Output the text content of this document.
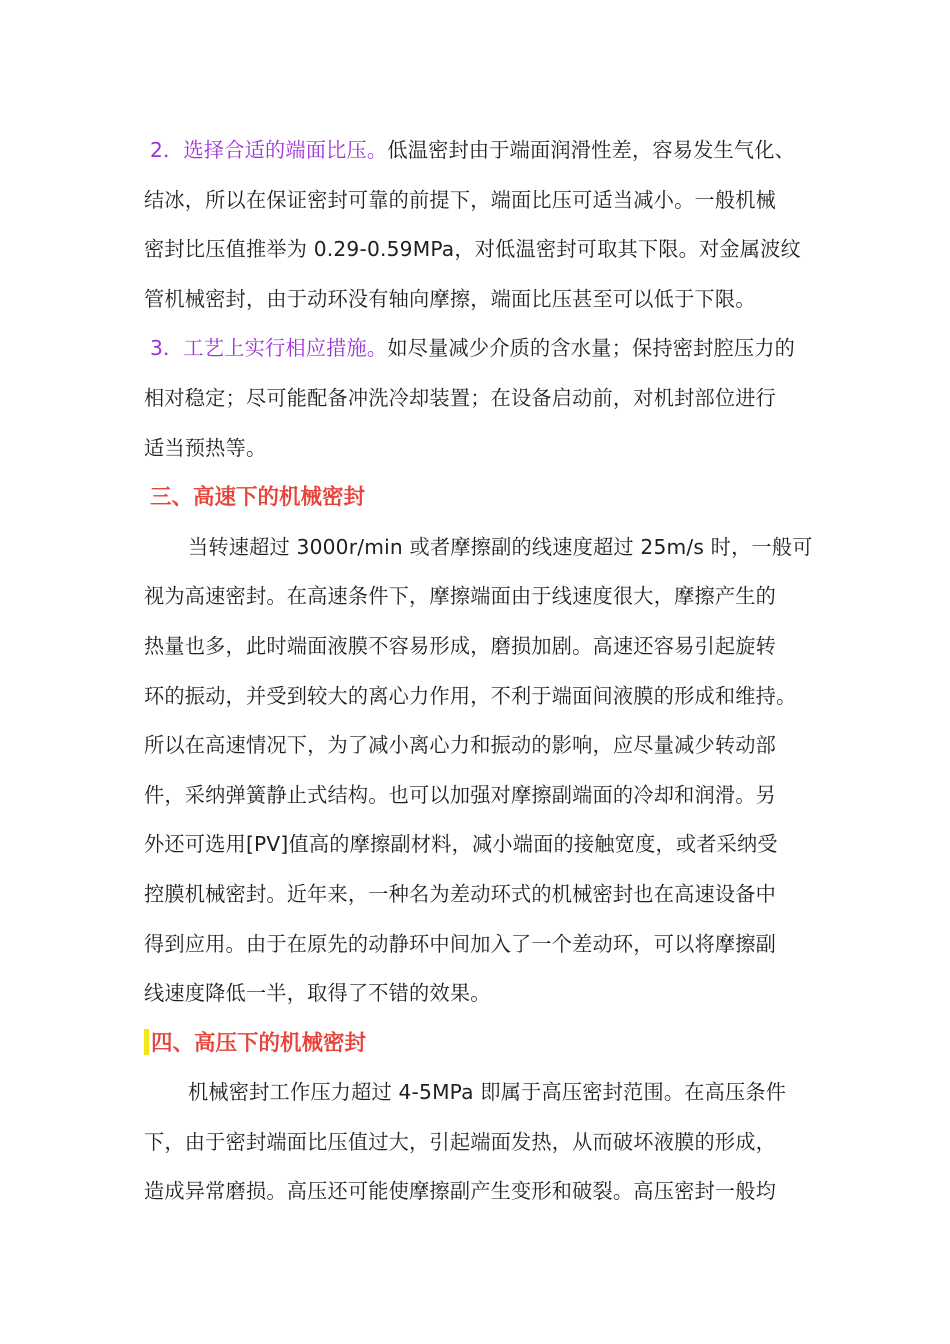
2．选择合适的端面比压。低温密封由于端面润滑性差，容易发生气化、
结冰，所以在保证密封可靠的前提下，端面比压可适当减小。一般机械
密封比压值推举为 0.29-0.59MPa，对低温密封可取其下限。对金属波纹
管机械密封，由于动环没有轴向摩擦，端面比压甚至可以低于下限。
3．工艺上实行相应措施。如尽量减少介质的含水量；保持密封腔压力的
相对稳定；尽可能配备冲洗冷却装置；在设备启动前，对机封部位进行
适当预热等。
三、高速下的机械密封
当转速超过 3000r/min 或者摩擦副的线速度超过 25m/s 时，一般可
视为高速密封。在高速条件下，摩擦端面由于线速度很大，摩擦产生的
热量也多，此时端面液膜不容易形成，磨损加剧。高速还容易引起旋转
环的振动，并受到较大的离心力作用，不利于端面间液膜的形成和维持。
所以在高速情况下，为了减小离心力和振动的影响，应尽量减少转动部
件，采纳弹簧静止式结构。也可以加强对摩擦副端面的冷却和润滑。另
外还可选用[PV]值高的摩擦副材料，减小端面的接触宽度，或者采纳受
控膜机械密封。近年来，一种名为差动环式的机械密封也在高速设备中
得到应用。由于在原先的动静环中间加入了一个差动环，可以将摩擦副
线速度降低一半，取得了不错的效果。
四、高压下的机械密封
机械密封工作压力超过 4-5MPa 即属于高压密封范围。在高压条件
下，由于密封端面比压值过大，引起端面发热，从而破坏液膜的形成，
造成异常磨损。高压还可能使摩擦副产生变形和破裂。高压密封一般均
